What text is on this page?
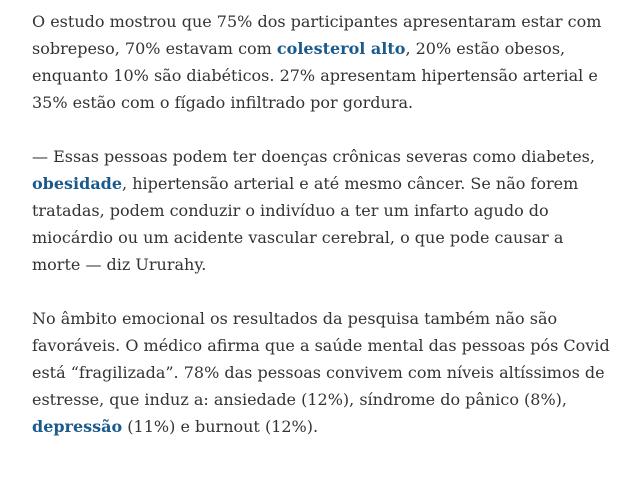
O estudo mostrou que 75% dos participantes apresentaram estar com sobrepeso, 70% estavam com colesterol alto, 20% estão obesos, enquanto 10% são diabéticos. 27% apresentam hipertensão arterial e 35% estão com o fígado infiltrado por gordura.

— Essas pessoas podem ter doenças crônicas severas como diabetes, obesidade, hipertensão arterial e até mesmo câncer. Se não forem tratadas, podem conduzir o indivíduo a ter um infarto agudo do miocárdio ou um acidente vascular cerebral, o que pode causar a morte — diz Ururahy.

No âmbito emocional os resultados da pesquisa também não são favoráveis. O médico afirma que a saúde mental das pessoas pós Covid está “fragilizada”. 78% das pessoas convivem com níveis altíssimos de estresse, que induz a: ansiedade (12%), síndrome do pânico (8%), depressão (11%) e burnout (12%).
